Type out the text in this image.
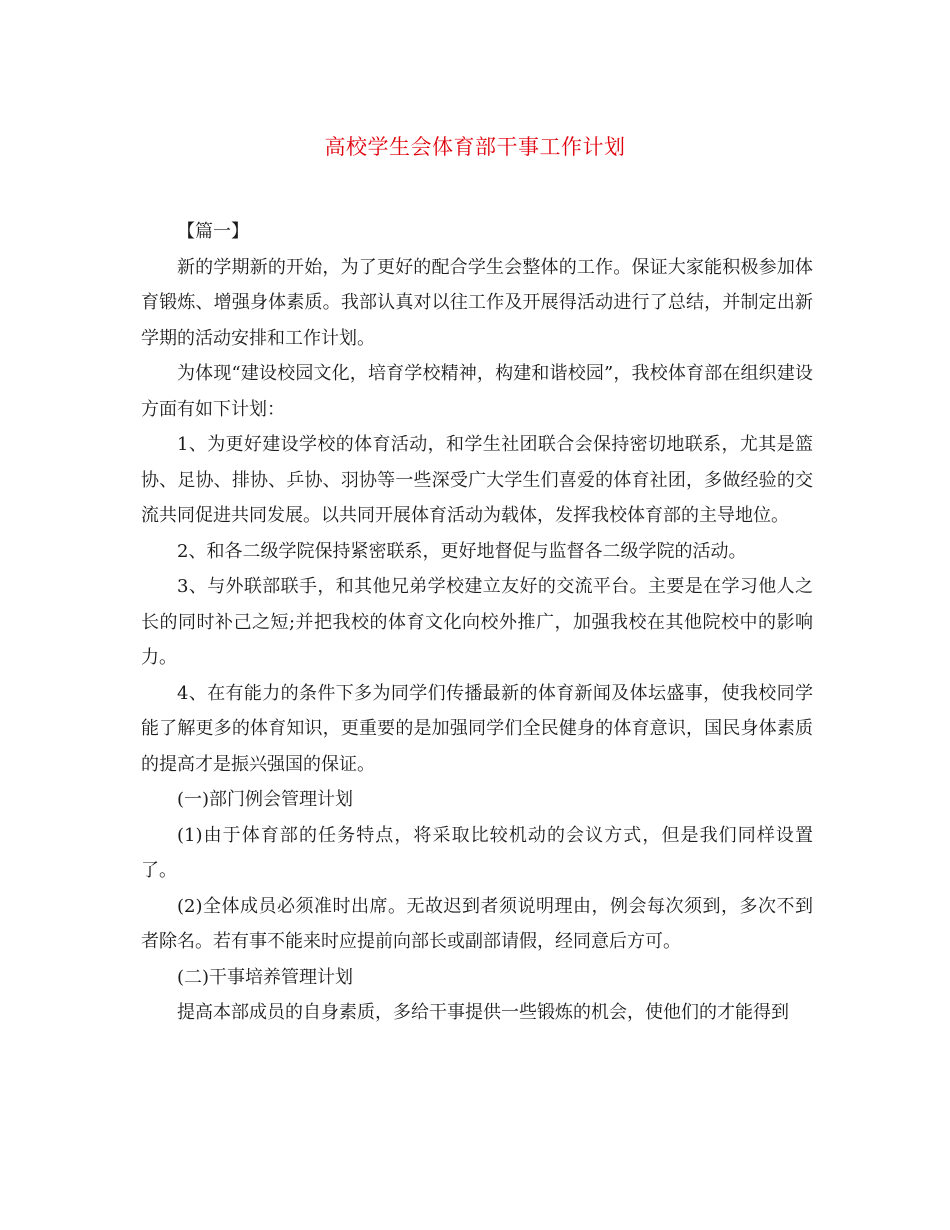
高校学生会体育部干事工作计划

【篇一】

新的学期新的开始，为了更好的配合学生会整体的工作。保证大家能积极参加体育锻炼、增强身体素质。我部认真对以往工作及开展得活动进行了总结，并制定出新学期的活动安排和工作计划。

为体现“建设校园文化，培育学校精神，构建和谐校园”，我校体育部在组织建设方面有如下计划：

1、为更好建设学校的体育活动，和学生社团联合会保持密切地联系，尤其是篮协、足协、排协、乒协、羽协等一些深受广大学生们喜爱的体育社团，多做经验的交流共同促进共同发展。以共同开展体育活动为载体，发挥我校体育部的主导地位。

2、和各二级学院保持紧密联系，更好地督促与监督各二级学院的活动。

3、与外联部联手，和其他兄弟学校建立友好的交流平台。主要是在学习他人之长的同时补己之短;并把我校的体育文化向校外推广，加强我校在其他院校中的影响力。

4、在有能力的条件下多为同学们传播最新的体育新闻及体坛盛事，使我校同学能了解更多的体育知识，更重要的是加强同学们全民健身的体育意识，国民身体素质的提高才是振兴强国的保证。

(一)部门例会管理计划

(1)由于体育部的任务特点，将采取比较机动的会议方式，但是我们同样设置了。

(2)全体成员必须准时出席。无故迟到者须说明理由，例会每次须到，多次不到者除名。若有事不能来时应提前向部长或副部请假，经同意后方可。

(二)干事培养管理计划

提高本部成员的自身素质，多给干事提供一些锻炼的机会，使他们的才能得到
